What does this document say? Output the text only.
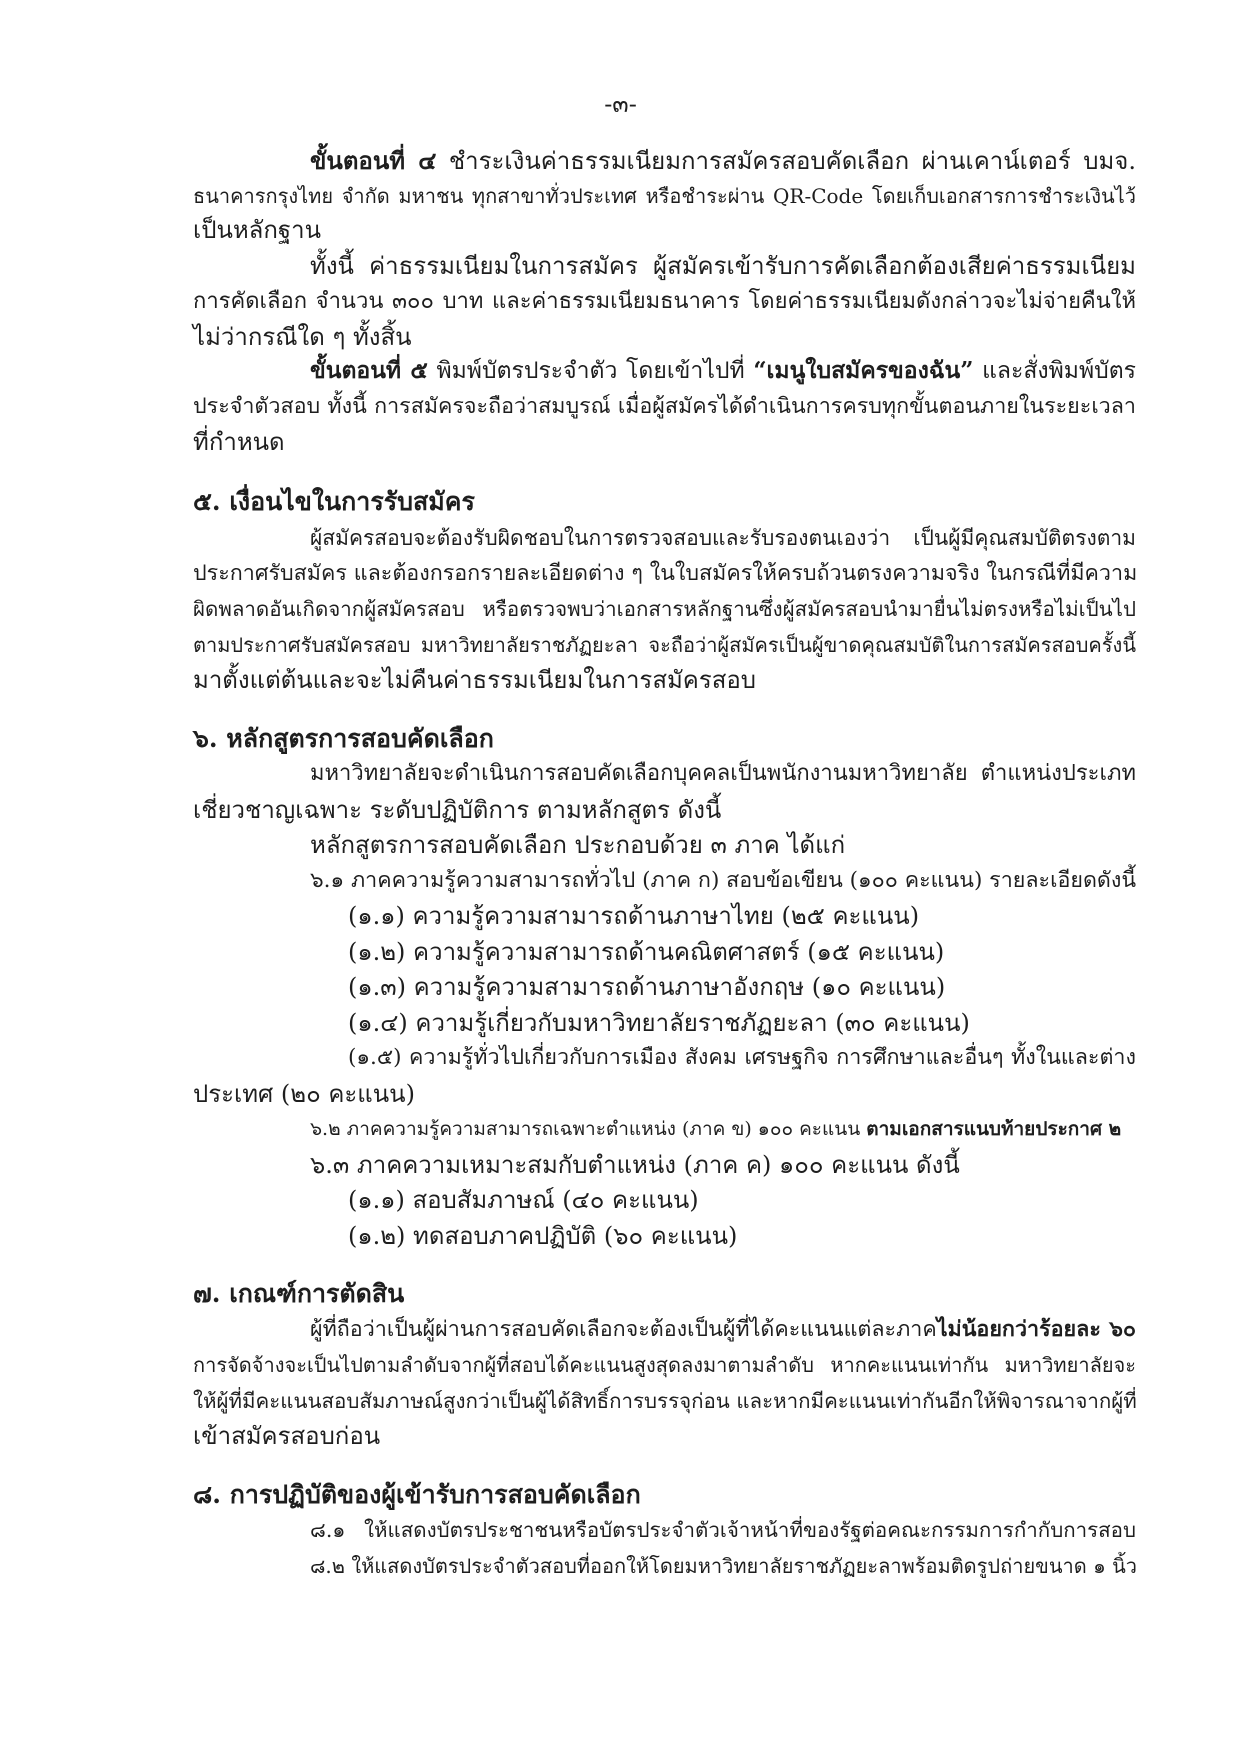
-๓-
ขั้นตอนที่ ๔ ชำระเงินค่าธรรมเนียมการสมัครสอบคัดเลือก ผ่านเคาน์เตอร์ บมจ.
ธนาคารกรุงไทย จำกัด มหาชน ทุกสาขาทั่วประเทศ หรือชำระผ่าน QR-Code โดยเก็บเอกสารการชำระเงินไว้
เป็นหลักฐาน
ทั้งนี้ ค่าธรรมเนียมในการสมัคร ผู้สมัครเข้ารับการคัดเลือกต้องเสียค่าธรรมเนียม
การคัดเลือก จำนวน ๓๐๐ บาท และค่าธรรมเนียมธนาคาร โดยค่าธรรมเนียมดังกล่าวจะไม่จ่ายคืนให้
ไม่ว่ากรณีใด ๆ ทั้งสิ้น
ขั้นตอนที่ ๕ พิมพ์บัตรประจำตัว โดยเข้าไปที่ “เมนูใบสมัครของฉัน” และสั่งพิมพ์บัตร
ประจำตัวสอบ ทั้งนี้ การสมัครจะถือว่าสมบูรณ์ เมื่อผู้สมัครได้ดำเนินการครบทุกขั้นตอนภายในระยะเวลา
ที่กำหนด
๕. เงื่อนไขในการรับสมัคร
ผู้สมัครสอบจะต้องรับผิดชอบในการตรวจสอบและรับรองตนเองว่า เป็นผู้มีคุณสมบัติตรงตาม
ประกาศรับสมัคร และต้องกรอกรายละเอียดต่าง ๆ ในใบสมัครให้ครบถ้วนตรงความจริง ในกรณีที่มีความ
ผิดพลาดอันเกิดจากผู้สมัครสอบ หรือตรวจพบว่าเอกสารหลักฐานซึ่งผู้สมัครสอบนำมายื่นไม่ตรงหรือไม่เป็นไป
ตามประกาศรับสมัครสอบ มหาวิทยาลัยราชภัฏยะลา จะถือว่าผู้สมัครเป็นผู้ขาดคุณสมบัติในการสมัครสอบครั้งนี้
มาตั้งแต่ต้นและจะไม่คืนค่าธรรมเนียมในการสมัครสอบ
๖. หลักสูตรการสอบคัดเลือก
มหาวิทยาลัยจะดำเนินการสอบคัดเลือกบุคคลเป็นพนักงานมหาวิทยาลัย ตำแหน่งประเภท
เชี่ยวชาญเฉพาะ ระดับปฏิบัติการ ตามหลักสูตร ดังนี้
หลักสูตรการสอบคัดเลือก ประกอบด้วย ๓ ภาค ได้แก่
๖.๑ ภาคความรู้ความสามารถทั่วไป (ภาค ก) สอบข้อเขียน (๑๐๐ คะแนน) รายละเอียดดังนี้
(๑.๑) ความรู้ความสามารถด้านภาษาไทย (๒๕ คะแนน)
(๑.๒) ความรู้ความสามารถด้านคณิตศาสตร์ (๑๕ คะแนน)
(๑.๓) ความรู้ความสามารถด้านภาษาอังกฤษ (๑๐ คะแนน)
(๑.๔) ความรู้เกี่ยวกับมหาวิทยาลัยราชภัฏยะลา (๓๐ คะแนน)
(๑.๕) ความรู้ทั่วไปเกี่ยวกับการเมือง สังคม เศรษฐกิจ การศึกษาและอื่นๆ ทั้งในและต่าง
ประเทศ (๒๐ คะแนน)
๖.๒ ภาคความรู้ความสามารถเฉพาะตำแหน่ง (ภาค ข) ๑๐๐ คะแนน ตามเอกสารแนบท้ายประกาศ ๒
๖.๓ ภาคความเหมาะสมกับตำแหน่ง (ภาค ค) ๑๐๐ คะแนน ดังนี้
(๑.๑) สอบสัมภาษณ์ (๔๐ คะแนน)
(๑.๒) ทดสอบภาคปฏิบัติ (๖๐ คะแนน)
๗. เกณฑ์การตัดสิน
ผู้ที่ถือว่าเป็นผู้ผ่านการสอบคัดเลือกจะต้องเป็นผู้ที่ได้คะแนนแต่ละภาคไม่น้อยกว่าร้อยละ ๖๐
การจัดจ้างจะเป็นไปตามลำดับจากผู้ที่สอบได้คะแนนสูงสุดลงมาตามลำดับ หากคะแนนเท่ากัน มหาวิทยาลัยจะ
ให้ผู้ที่มีคะแนนสอบสัมภาษณ์สูงกว่าเป็นผู้ได้สิทธิ์การบรรจุก่อน และหากมีคะแนนเท่ากันอีกให้พิจารณาจากผู้ที่
เข้าสมัครสอบก่อน
๘. การปฏิบัติของผู้เข้ารับการสอบคัดเลือก
๘.๑ ให้แสดงบัตรประชาชนหรือบัตรประจำตัวเจ้าหน้าที่ของรัฐต่อคณะกรรมการกำกับการสอบ
๘.๒ ให้แสดงบัตรประจำตัวสอบที่ออกให้โดยมหาวิทยาลัยราชภัฏยะลาพร้อมติดรูปถ่ายขนาด ๑ นิ้ว
